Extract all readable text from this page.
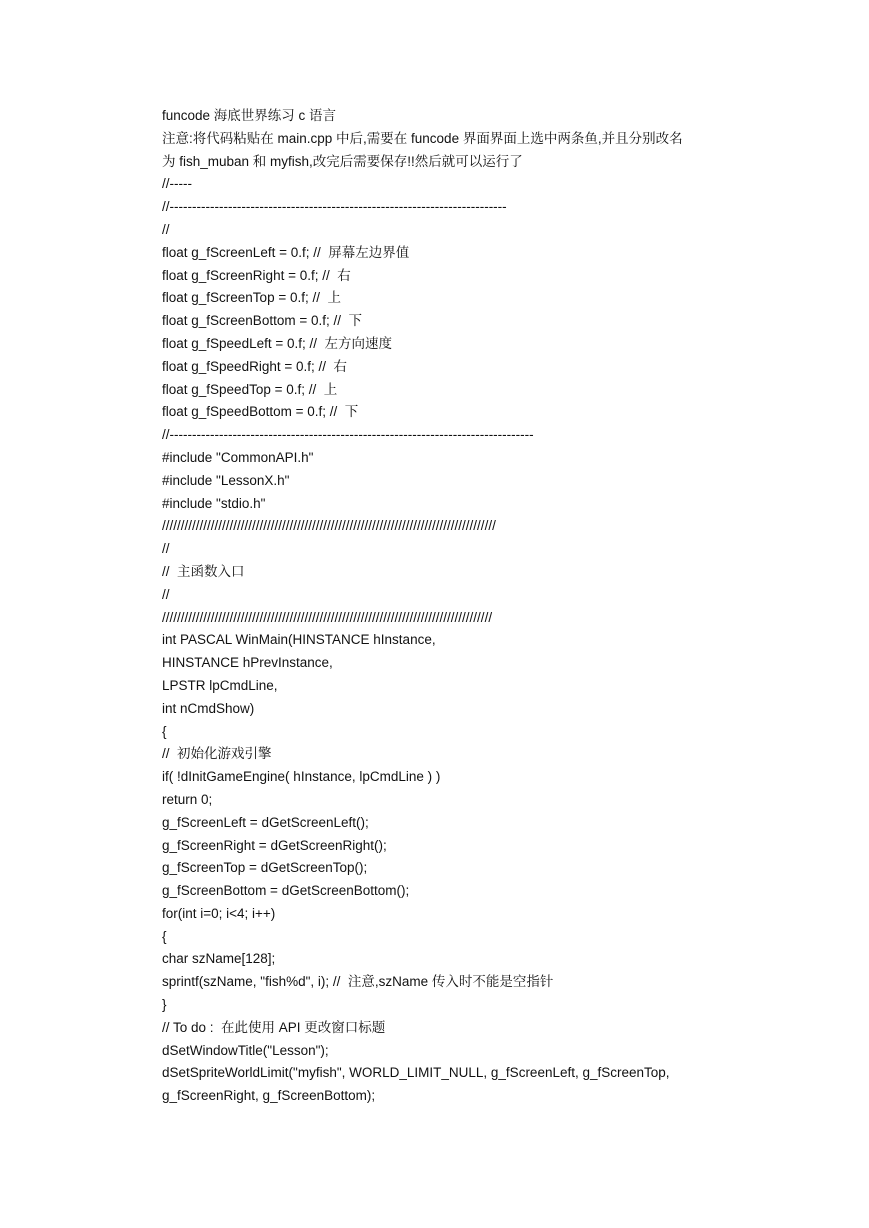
funcode 海底世界练习 c 语言
注意:将代码粘贴在 main.cpp 中后,需要在 funcode 界面界面上选中两条鱼,并且分别改名
为 fish_muban 和 myfish,改完后需要保存!!然后就可以运行了
//-----
//---------------------------------------------------------------------------
//
float g_fScreenLeft = 0.f; //  屏幕左边界值
float g_fScreenRight = 0.f; //  右
float g_fScreenTop = 0.f; //  上
float g_fScreenBottom = 0.f; //  下
float g_fSpeedLeft = 0.f; //  左方向速度
float g_fSpeedRight = 0.f; //  右
float g_fSpeedTop = 0.f; //  上
float g_fSpeedBottom = 0.f; //  下
//---------------------------------------------------------------------------------
#include "CommonAPI.h"
#include "LessonX.h"
#include "stdio.h"
/////////////////////////////////////////////////////////////////////////////////////////
//
//  主函数入口
//
////////////////////////////////////////////////////////////////////////////////////////
int PASCAL WinMain(HINSTANCE hInstance,
HINSTANCE hPrevInstance,
LPSTR lpCmdLine,
int nCmdShow)
{
//  初始化游戏引擎
if( !dInitGameEngine( hInstance, lpCmdLine ) )
return 0;
g_fScreenLeft = dGetScreenLeft();
g_fScreenRight = dGetScreenRight();
g_fScreenTop = dGetScreenTop();
g_fScreenBottom = dGetScreenBottom();
for(int i=0; i<4; i++)
{
char szName[128];
sprintf(szName, "fish%d", i); //  注意,szName 传入时不能是空指针
}
// To do :  在此使用 API 更改窗口标题
dSetWindowTitle("Lesson");
dSetSpriteWorldLimit("myfish", WORLD_LIMIT_NULL, g_fScreenLeft, g_fScreenTop,
g_fScreenRight, g_fScreenBottom);
